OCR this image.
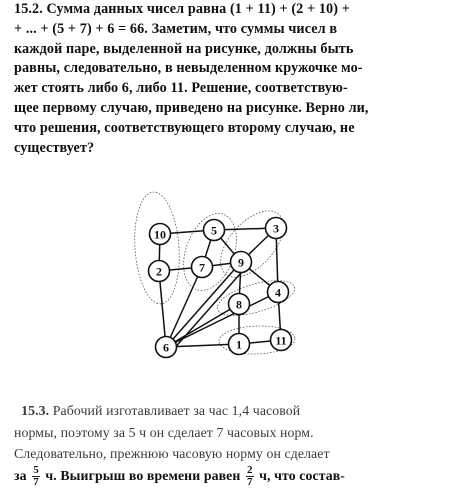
15.2. Сумма данных чисел равна (1 + 11) + (2 + 10) +
+ ... + (5 + 7) + 6 = 66. Заметим, что суммы чисел в
каждой паре, выделенной на рисунке, должны быть
равны, следовательно, в невыделенном кружочке мо-
жет стоять либо 6, либо 11. Решение, соответствую-
щее первому случаю, приведено на рисунке. Верно ли,
что решения, соответствующего второму случаю, не
существует?
10	5	3
2	7	9
8
4
6	1	11
15.3. Рабочий изготавливает за час 1,4 часовой
нормы, поэтому за 5 ч он сделает 7 часовых норм.
Следовательно, прежнюю часовую норму он сделает
за $\frac{5}{7} ч$. Выигрыш во времени равен $\frac{2}{7} ч$, что состав-
